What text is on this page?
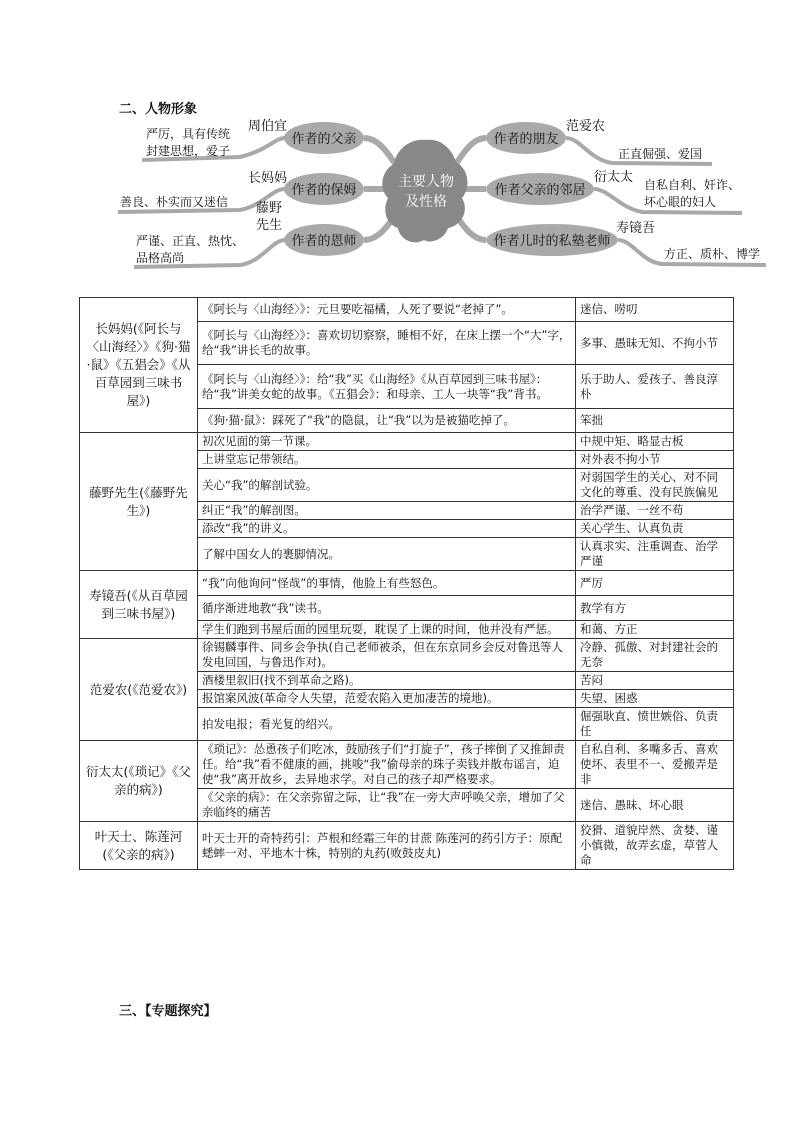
二、人物形象
主要人物
及性格
作者的父亲
作者的保姆
作者的恩师
周伯宜
长妈妈
藤野
先生
严厉，具有传统
封建思想，爱子
善良、朴实而又迷信
严谨、正直、热忱、
品格高尚
作者的朋友
作者父亲的邻居
作者儿时的私塾老师
范爱农
衍太太
寿镜吾
正直倔强、爱国
自私自利、奸诈、
坏心眼的妇人
方正、质朴、博学
长妈妈(《阿长与〈山海经〉》《狗·猫·鼠》《五猖会》《从百草园到三味书屋》)	《阿长与〈山海经〉》：元旦要吃福橘，人死了要说“老掉了”。	迷信、唠叨
	《阿长与〈山海经〉》：喜欢切切察察，睡相不好，在床上摆一个“大”字，给“我”讲长毛的故事。	多事、愚昧无知、不拘小节
	《阿长与〈山海经〉》：给“我”买《山海经》《从百草园到三味书屋》：给“我”讲美女蛇的故事。《五猖会》：和母亲、工人一块等“我”背书。	乐于助人、爱孩子、善良淳朴
	《狗·猫·鼠》：踩死了“我”的隐鼠，让“我”以为是被猫吃掉了。	笨拙
藤野先生(《藤野先生》)	初次见面的第一节课。	中规中矩、略显古板
	上讲堂忘记带领结。	对外表不拘小节
	关心“我”的解剖试验。	对弱国学生的关心、对不同文化的尊重、没有民族偏见
	纠正“我”的解剖图。	治学严谨、一丝不苟
	添改“我”的讲义。	关心学生、认真负责
	了解中国女人的裹脚情况。	认真求实、注重调查、治学严谨
寿镜吾(《从百草园到三味书屋》)	“我”向他询问“怪哉”的事情，他脸上有些怒色。	严厉
	循序渐进地教“我”读书。	教学有方
	学生们跑到书屋后面的园里玩耍，耽误了上课的时间，他并没有严惩。	和蔼、方正
范爱农(《范爱农》)	徐锡麟事件、同乡会争执(自己老师被杀，但在东京同乡会反对鲁迅等人发电回国，与鲁迅作对)。	冷静、孤傲、对封建社会的无奈
	酒楼里叙旧(找不到革命之路)。	苦闷
	报馆案风波(革命令人失望，范爱农陷入更加凄苦的境地)。	失望、困惑
	拍发电报；看光复的绍兴。	倔强耿直、愤世嫉俗、负责任
衍太太(《琐记》《父亲的病》)	《琐记》：怂恿孩子们吃冰，鼓励孩子们“打旋子”，孩子摔倒了又推卸责任。给“我”看不健康的画，挑唆“我”偷母亲的珠子卖钱并散布谣言，迫使“我”离开故乡，去异地求学。对自己的孩子却严格要求。	自私自利、多嘴多舌、喜欢使坏、表里不一、爱搬弄是非
	《父亲的病》：在父亲弥留之际，让“我”在一旁大声呼唤父亲，增加了父亲临终的痛苦	迷信、愚昧、坏心眼
叶天士、陈莲河(《父亲的病》)	叶天士开的奇特药引：芦根和经霜三年的甘蔗 陈莲河的药引方子：原配蟋蟀一对、平地木十株，特别的丸药(败鼓皮丸)	狡猾、道貌岸然、贪婪、谨小慎微，故弄玄虚，草菅人命
三、【专题探究】
